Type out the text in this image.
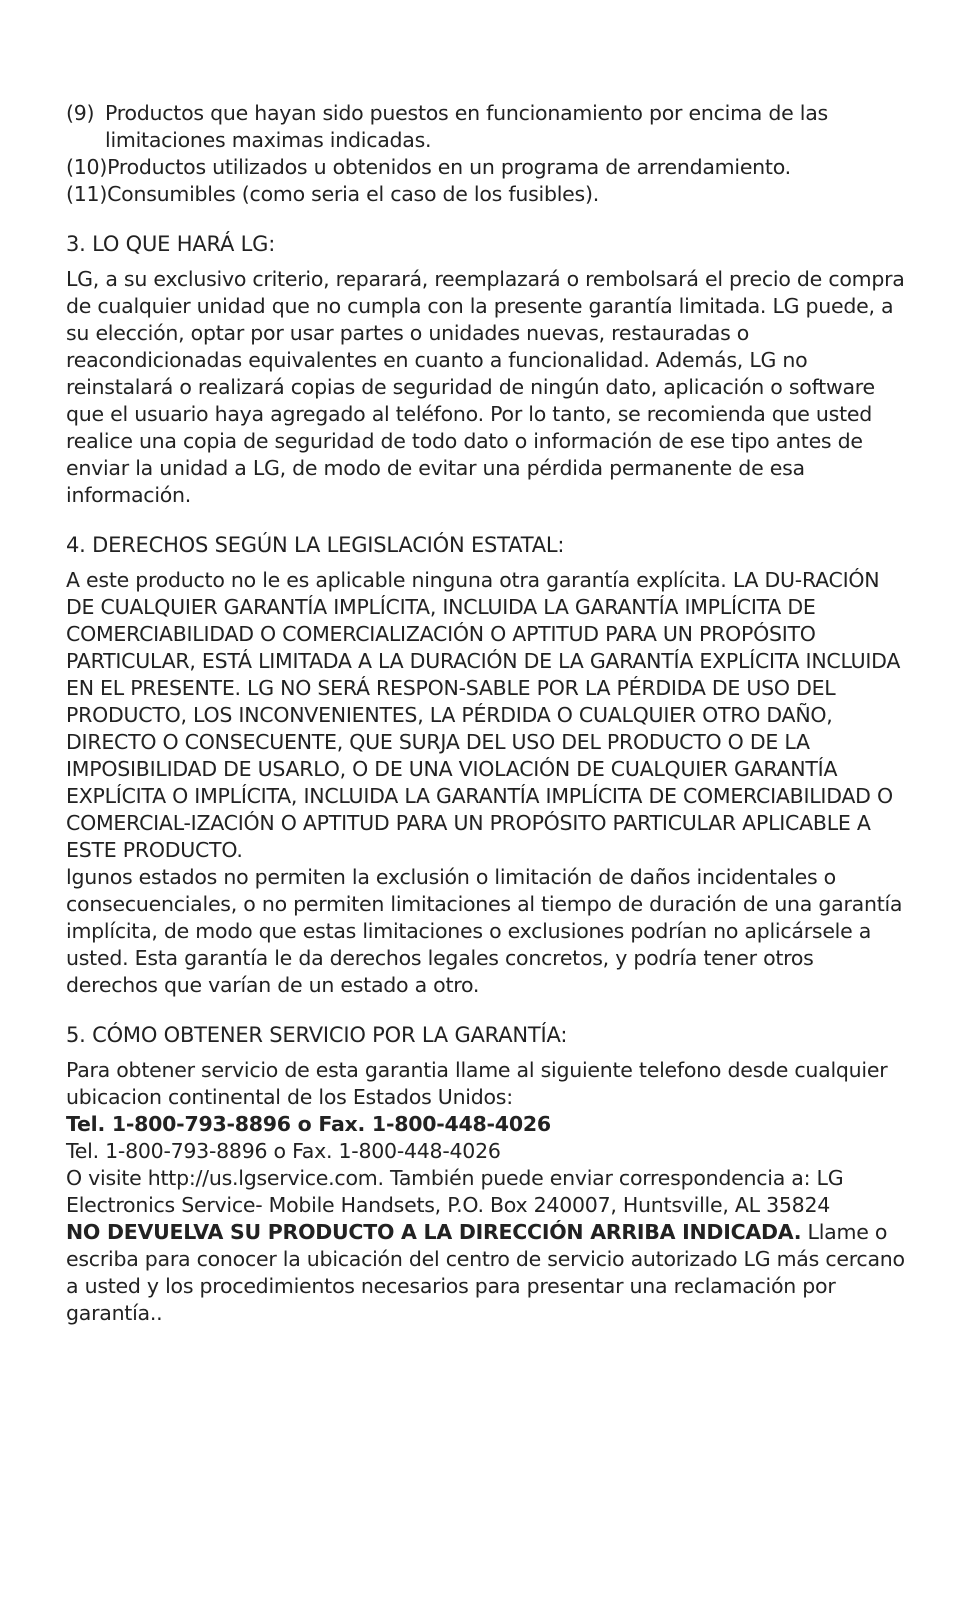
(9) Productos que hayan sido puestos en funcionamiento por encima de las limitaciones maximas indicadas.
(10) Productos utilizados u obtenidos en un programa de arrendamiento.
(11) Consumibles (como seria el caso de los fusibles).
3. LO QUE HARÁ LG:

LG, a su exclusivo criterio, reparará, reemplazará o rembolsará el precio de compra de cualquier unidad que no cumpla con la presente garantía limitada. LG puede, a su elección, optar por usar partes o unidades nuevas, restauradas o reacondicionadas equivalentes en cuanto a funcionalidad. Además, LG no reinstalará o realizará copias de seguridad de ningún dato, aplicación o software que el usuario haya agregado al teléfono. Por lo tanto, se recomienda que usted realice una copia de seguridad de todo dato o información de ese tipo antes de enviar la unidad a LG, de modo de evitar una pérdida permanente de esa información.

4. DERECHOS SEGÚN LA LEGISLACIÓN ESTATAL:

A este producto no le es aplicable ninguna otra garantía explícita. LA DU-RACIÓN DE CUALQUIER GARANTÍA IMPLÍCITA, INCLUIDA LA GARANTÍA IMPLÍCITA DE COMERCIABILIDAD O COMERCIALIZACIÓN O APTITUD PARA UN PROPÓSITO PARTICULAR, ESTÁ LIMITADA A LA DURACIÓN DE LA GARANTÍA EXPLÍCITA INCLUIDA EN EL PRESENTE. LG NO SERÁ RESPON-SABLE POR LA PÉRDIDA DE USO DEL PRODUCTO, LOS INCONVENIENTES, LA PÉRDIDA O CUALQUIER OTRO DAÑO, DIRECTO O CONSECUENTE, QUE SURJA DEL USO DEL PRODUCTO O DE LA IMPOSIBILIDAD DE USARLO, O DE UNA VIOLACIÓN DE CUALQUIER GARANTÍA EXPLÍCITA O IMPLÍCITA, INCLUIDA LA GARANTÍA IMPLÍCITA DE COMERCIABILIDAD O COMERCIAL-IZACIÓN O APTITUD PARA UN PROPÓSITO PARTICULAR APLICABLE A ESTE PRODUCTO.

lgunos estados no permiten la exclusión o limitación de daños incidentales o consecuenciales, o no permiten limitaciones al tiempo de duración de una garantía implícita, de modo que estas limitaciones o exclusiones podrían no aplicársele a usted. Esta garantía le da derechos legales concretos, y podría tener otros derechos que varían de un estado a otro.

5. CÓMO OBTENER SERVICIO POR LA GARANTÍA:

Para obtener servicio de esta garantia llame al siguiente telefono desde cualquier ubicacion continental de los Estados Unidos:

Tel. 1-800-793-8896 o Fax. 1-800-448-4026
Tel. 1-800-793-8896 o Fax. 1-800-448-4026

O visite http://us.lgservice.com. También puede enviar correspondencia a: LG Electronics Service- Mobile Handsets, P.O. Box 240007, Huntsville, AL 35824

NO DEVUELVA SU PRODUCTO A LA DIRECCIÓN ARRIBA INDICADA. Llame o escriba para conocer la ubicación del centro de servicio autorizado LG más cercano a usted y los procedimientos necesarios para presentar una reclamación por garantía..
